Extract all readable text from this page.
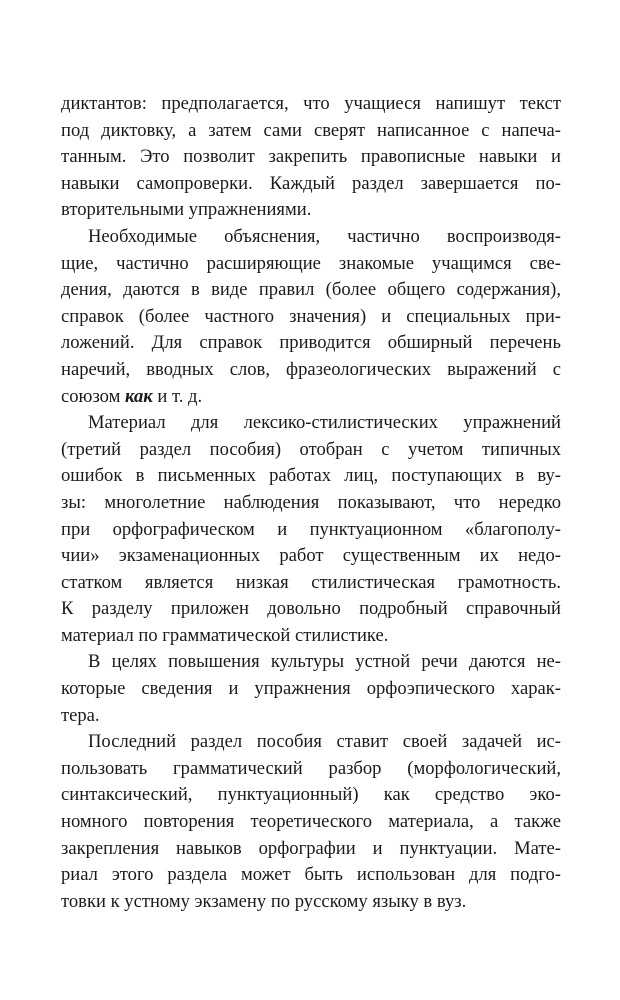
диктантов: предполагается, что учащиеся напишут текст
под диктовку, а затем сами сверят написанное с напеча-
танным. Это позволит закрепить правописные навыки и
навыки самопроверки. Каждый раздел завершается по-
вторительными упражнениями.
Необходимые объяснения, частично воспроизводя-
щие, частично расширяющие знакомые учащимся све-
дения, даются в виде правил (более общего содержания),
справок (более частного значения) и специальных при-
ложений. Для справок приводится обширный перечень
наречий, вводных слов, фразеологических выражений с
союзом как и т. д.
Материал для лексико-стилистических упражнений
(третий раздел пособия) отобран с учетом типичных
ошибок в письменных работах лиц, поступающих в ву-
зы: многолетние наблюдения показывают, что нередко
при орфографическом и пунктуационном «благополу-
чии» экзаменационных работ существенным их недо-
статком является низкая стилистическая грамотность.
К разделу приложен довольно подробный справочный
материал по грамматической стилистике.
В целях повышения культуры устной речи даются не-
которые сведения и упражнения орфоэпического харак-
тера.
Последний раздел пособия ставит своей задачей ис-
пользовать грамматический разбор (морфологический,
синтаксический, пунктуационный) как средство эко-
номного повторения теоретического материала, а также
закрепления навыков орфографии и пунктуации. Мате-
риал этого раздела может быть использован для подго-
товки к устному экзамену по русскому языку в вуз.
